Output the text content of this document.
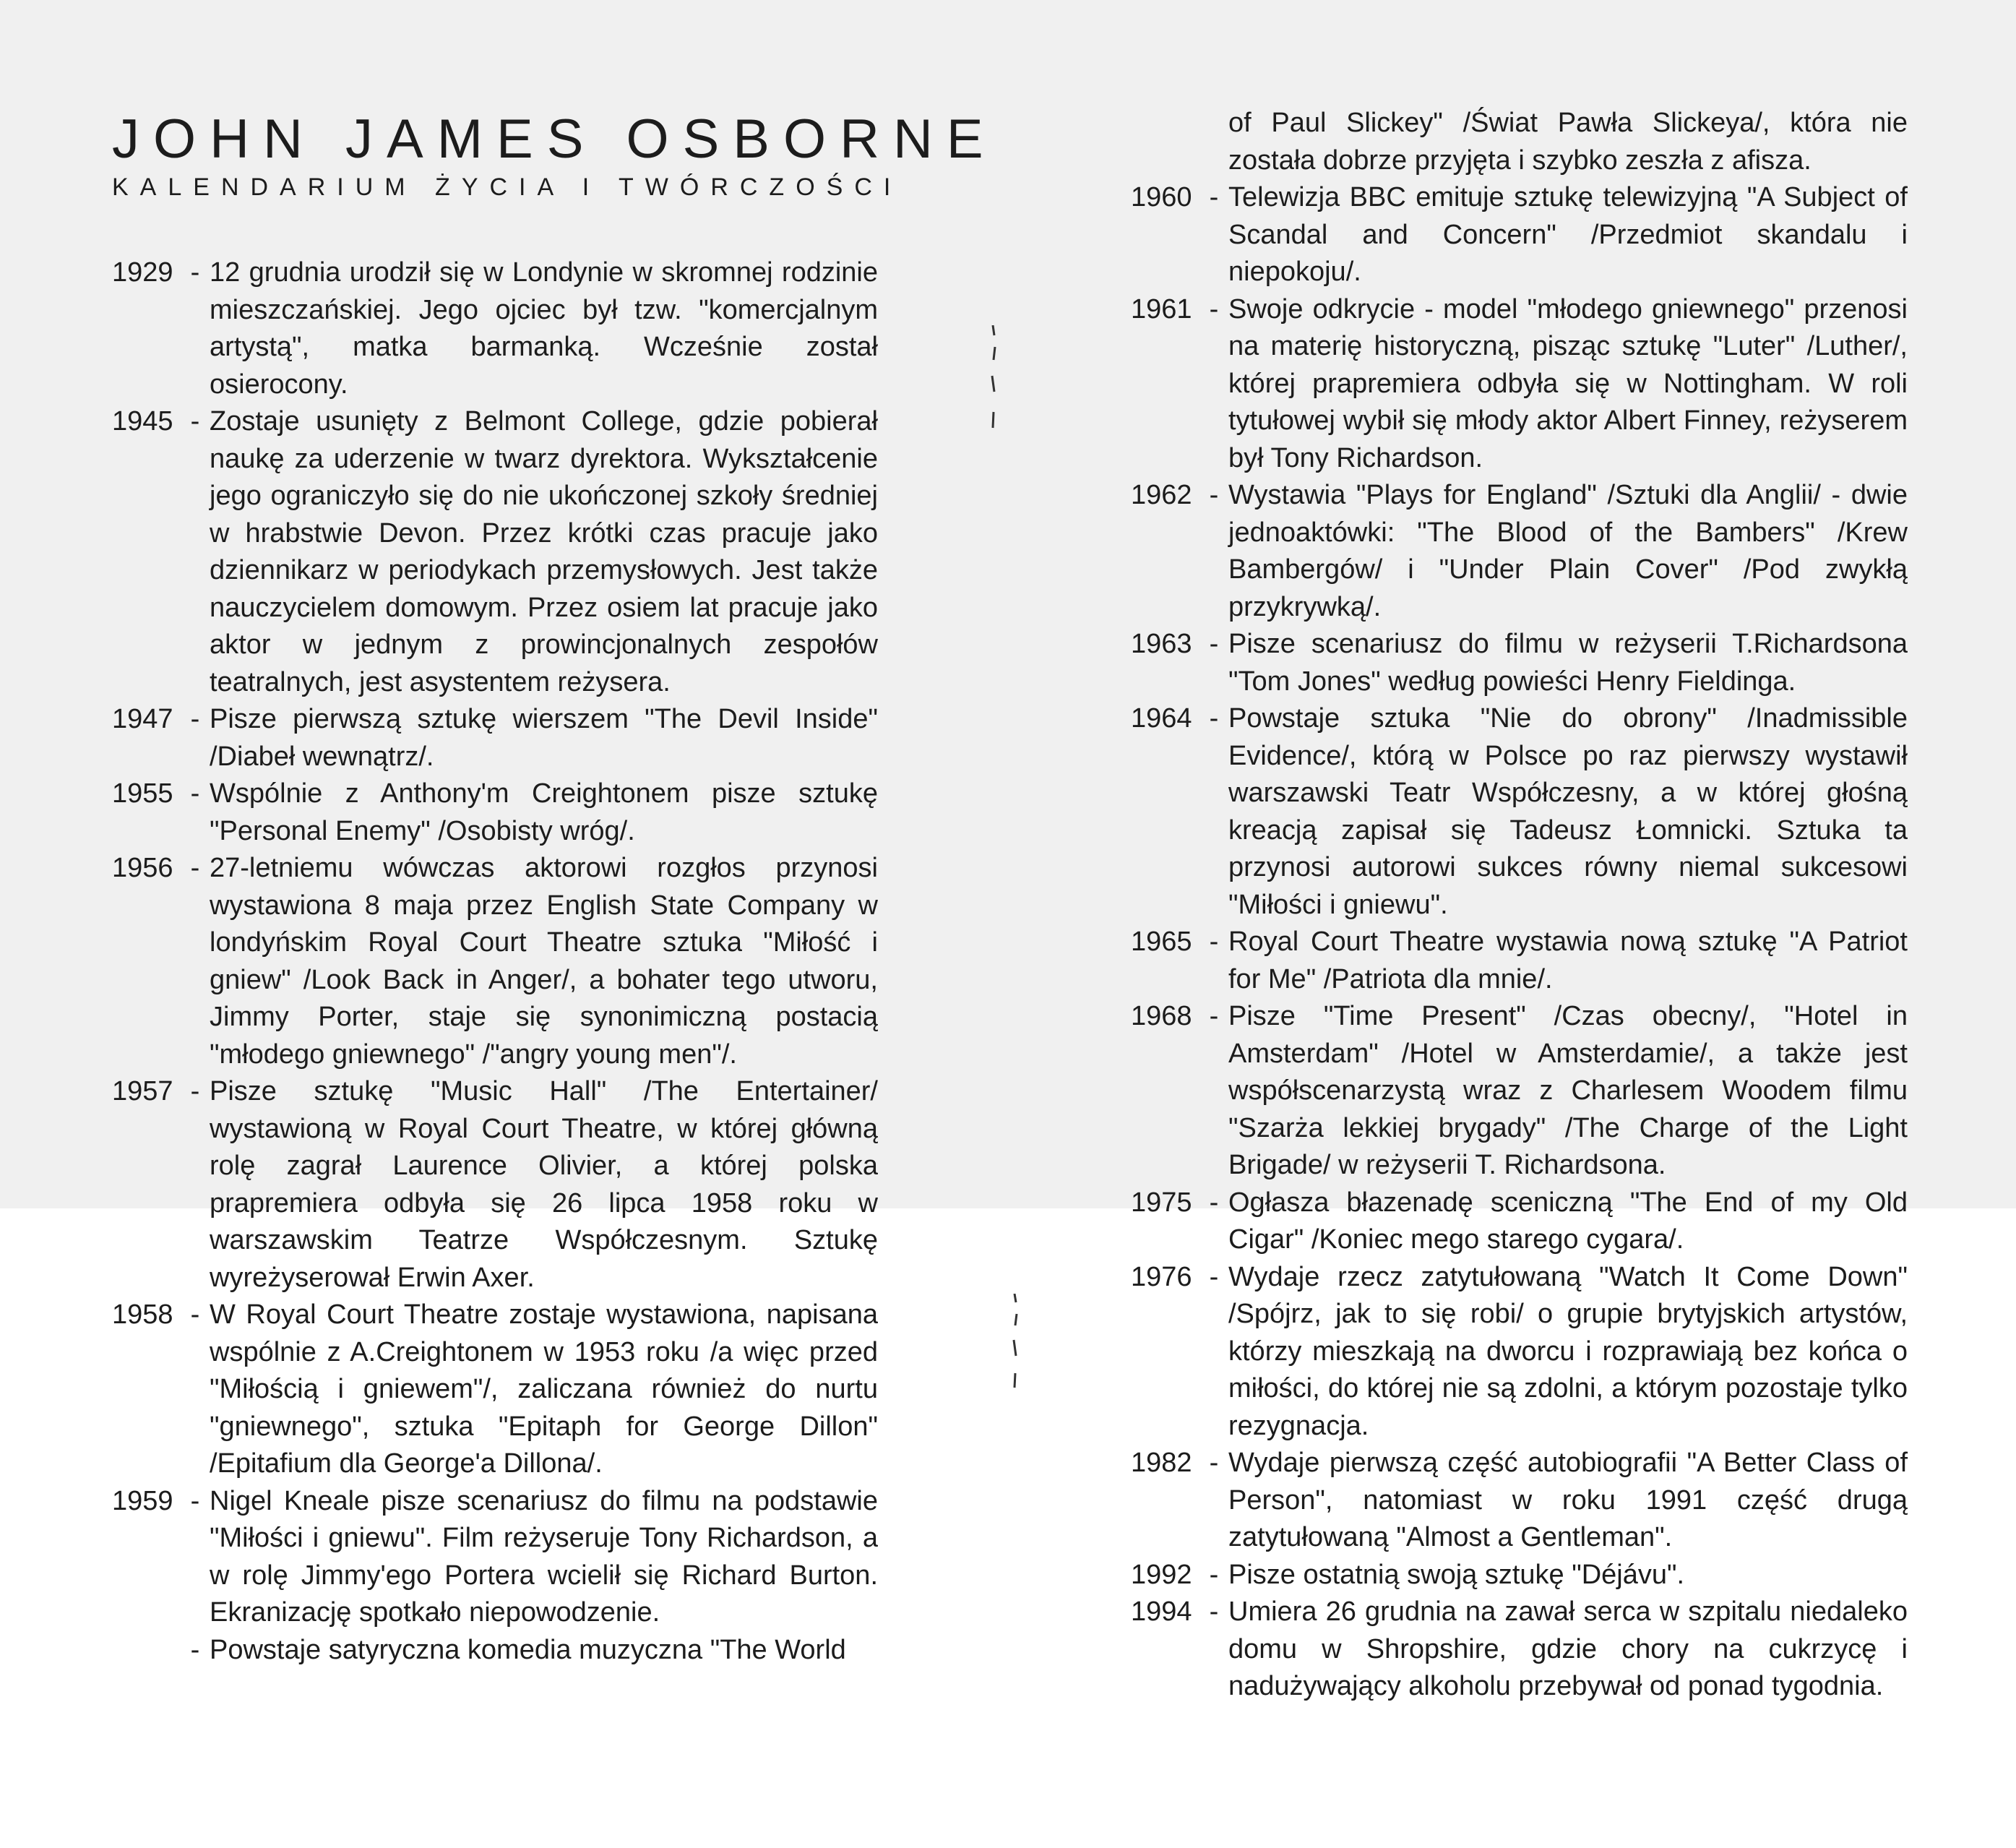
JOHN JAMES OSBORNE
KALENDARIUM ŻYCIA I TWÓRCZOŚCI
1929 - 12 grudnia urodził się w Londynie w skromnej rodzinie mieszczańskiej. Jego ojciec był tzw. "komercjalnym artystą", matka barmanką. Wcześnie został osierocony.
1945 - Zostaje usunięty z Belmont College, gdzie pobierał naukę za uderzenie w twarz dyrektora. Wykształcenie jego ograniczyło się do nie ukończonej szkoły średniej w hrabstwie Devon. Przez krótki czas pracuje jako dziennikarz w periodykach przemysłowych. Jest także nauczycielem domowym. Przez osiem lat pracuje jako aktor w jednym z prowincjonalnych zespołów teatralnych, jest asystentem reżysera.
1947 - Pisze pierwszą sztukę wierszem "The Devil Inside" /Diabeł wewnątrz/.
1955 - Wspólnie z Anthony'm Creightonem pisze sztukę "Personal Enemy" /Osobisty wróg/.
1956 - 27-letniemu wówczas aktorowi rozgłos przynosi wystawiona 8 maja przez English State Company w londyńskim Royal Court Theatre sztuka "Miłość i gniew" /Look Back in Anger/, a bohater tego utworu, Jimmy Porter, staje się synonimiczną postacią "młodego gniewnego" /"angry young men"/.
1957 - Pisze sztukę "Music Hall" /The Entertainer/ wystawioną w Royal Court Theatre, w której główną rolę zagrał Laurence Olivier, a której polska prapremiera odbyła się 26 lipca 1958 roku w warszawskim Teatrze Współczesnym. Sztukę wyreżyserował Erwin Axer.
1958 - W Royal Court Theatre zostaje wystawiona, napisana wspólnie z A.Creightonem w 1953 roku /a więc przed "Miłością i gniewem"/, zaliczana również do nurtu "gniewnego", sztuka "Epitaph for George Dillon" /Epitafium dla George'a Dillona/.
1959 - Nigel Kneale pisze scenariusz do filmu na podstawie "Miłości i gniewu". Film reżyseruje Tony Richardson, a w rolę Jimmy'ego Portera wcielił się Richard Burton. Ekranizację spotkało niepowodzenie.
- Powstaje satyryczna komedia muzyczna "The World
of Paul Slickey" /Świat Pawła Slickeya/, która nie została dobrze przyjęta i szybko zeszła z afisza.
1960 - Telewizja BBC emituje sztukę telewizyjną "A Subject of Scandal and Concern" /Przedmiot skandalu i niepokoju/.
1961 - Swoje odkrycie - model "młodego gniewnego" przenosi na materię historyczną, pisząc sztukę "Luter" /Luther/, której prapremiera odbyła się w Nottingham. W roli tytułowej wybił się młody aktor Albert Finney, reżyserem był Tony Richardson.
1962 - Wystawia "Plays for England" /Sztuki dla Anglii/ - dwie jednoaktówki: "The Blood of the Bambers" /Krew Bambergów/ i "Under Plain Cover" /Pod zwykłą przykrywką/.
1963 - Pisze scenariusz do filmu w reżyserii T.Richardsona "Tom Jones" według powieści Henry Fieldinga.
1964 - Powstaje sztuka "Nie do obrony" /Inadmissible Evidence/, którą w Polsce po raz pierwszy wystawił warszawski Teatr Współczesny, a w której głośną kreacją zapisał się Tadeusz Łomnicki. Sztuka ta przynosi autorowi sukces równy niemal sukcesowi "Miłości i gniewu".
1965 - Royal Court Theatre wystawia nową sztukę "A Patriot for Me" /Patriota dla mnie/.
1968 - Pisze "Time Present" /Czas obecny/, "Hotel in Amsterdam" /Hotel w Amsterdamie/, a także jest współscenarzystą wraz z Charlesem Woodem filmu "Szarża lekkiej brygady" /The Charge of the Light Brigade/ w reżyserii T. Richardsona.
1975 - Ogłasza błazenadę sceniczną "The End of my Old Cigar" /Koniec mego starego cygara/.
1976 - Wydaje rzecz zatytułowaną "Watch It Come Down" /Spójrz, jak to się robi/ o grupie brytyjskich artystów, którzy mieszkają na dworcu i rozprawiają bez końca o miłości, do której nie są zdolni, a którym pozostaje tylko rezygnacja.
1982 - Wydaje pierwszą część autobiografii "A Better Class of Person", natomiast w roku 1991 część drugą zatytułowaną "Almost a Gentleman".
1992 - Pisze ostatnią swoją sztukę "Déjávu".
1994 - Umiera 26 grudnia na zawał serca w szpitalu niedaleko domu w Shropshire, gdzie chory na cukrzycę i nadużywający alkoholu przebywał od ponad tygodnia.
